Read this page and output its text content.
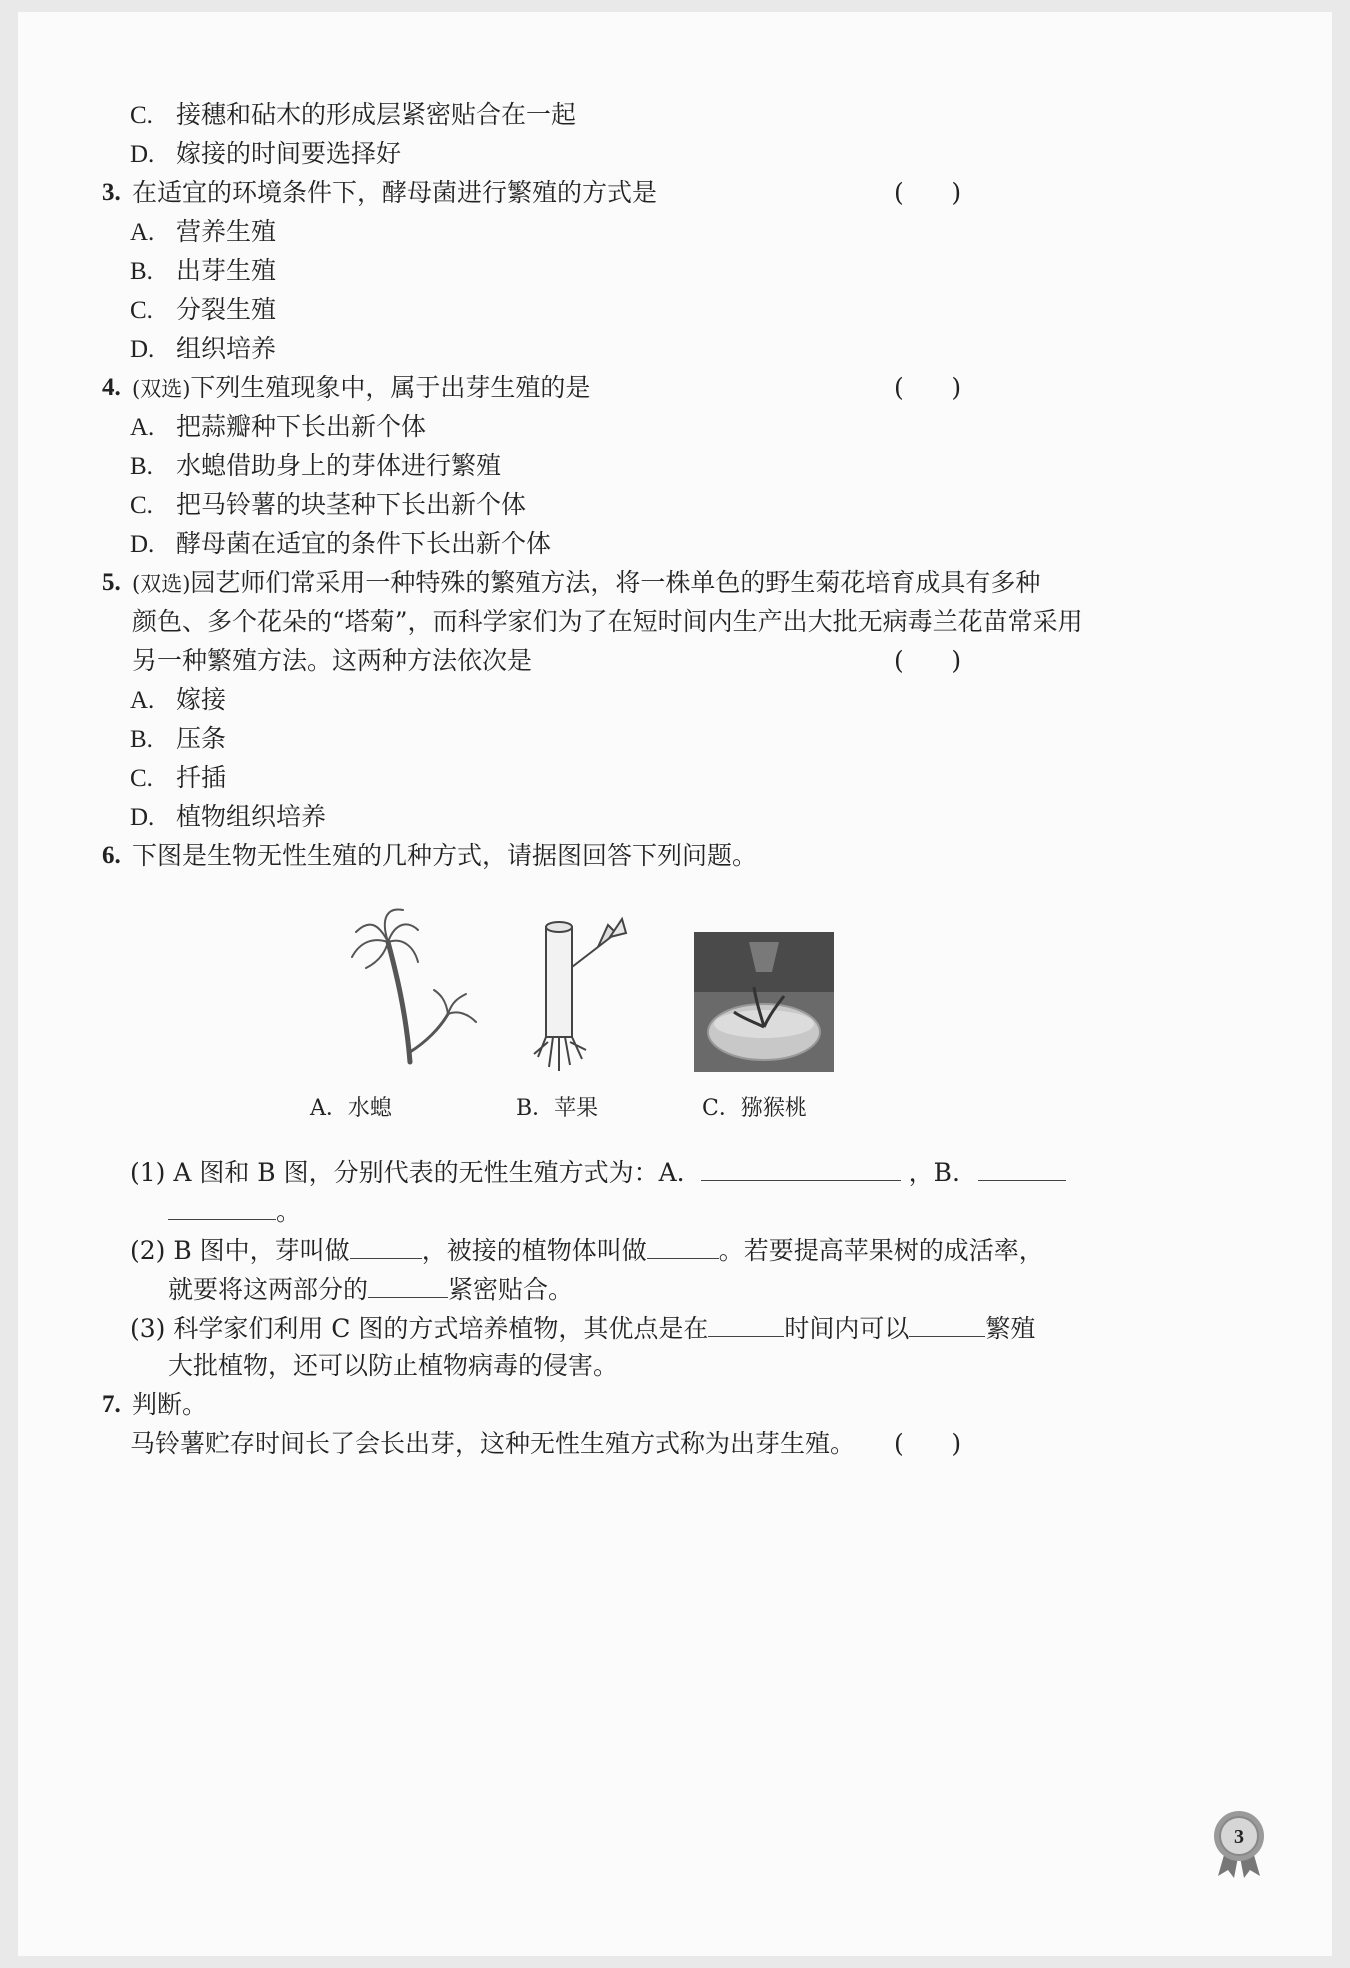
C. 接穗和砧木的形成层紧密贴合在一起
D. 嫁接的时间要选择好
3. 在适宜的环境条件下，酵母菌进行繁殖的方式是	(      )
A. 营养生殖
B. 出芽生殖
C. 分裂生殖
D. 组织培养
4. (双选)下列生殖现象中，属于出芽生殖的是	(      )
A. 把蒜瓣种下长出新个体
B. 水螅借助身上的芽体进行繁殖
C. 把马铃薯的块茎种下长出新个体
D. 酵母菌在适宜的条件下长出新个体
5. (双选)园艺师们常采用一种特殊的繁殖方法，将一株单色的野生菊花培育成具有多种
颜色、多个花朵的“塔菊”，而科学家们为了在短时间内生产出大批无病毒兰花苗常采用
另一种繁殖方法。这两种方法依次是	(      )
A. 嫁接
B. 压条
C. 扦插
D. 植物组织培养
6. 下图是生物无性生殖的几种方式，请据图回答下列问题。
A．水螅	B．苹果	C．猕猴桃
(1) A 图和 B 图，分别代表的无性生殖方式为：A.	，B.
。
(2) B 图中，芽叫做	，被接的植物体叫做	。若要提高苹果树的成活率，
就要将这两部分的	紧密贴合。
(3) 科学家们利用 C 图的方式培养植物，其优点是在	时间内可以	繁殖
大批植物，还可以防止植物病毒的侵害。
7. 判断。
马铃薯贮存时间长了会长出芽，这种无性生殖方式称为出芽生殖。 (      )
3
